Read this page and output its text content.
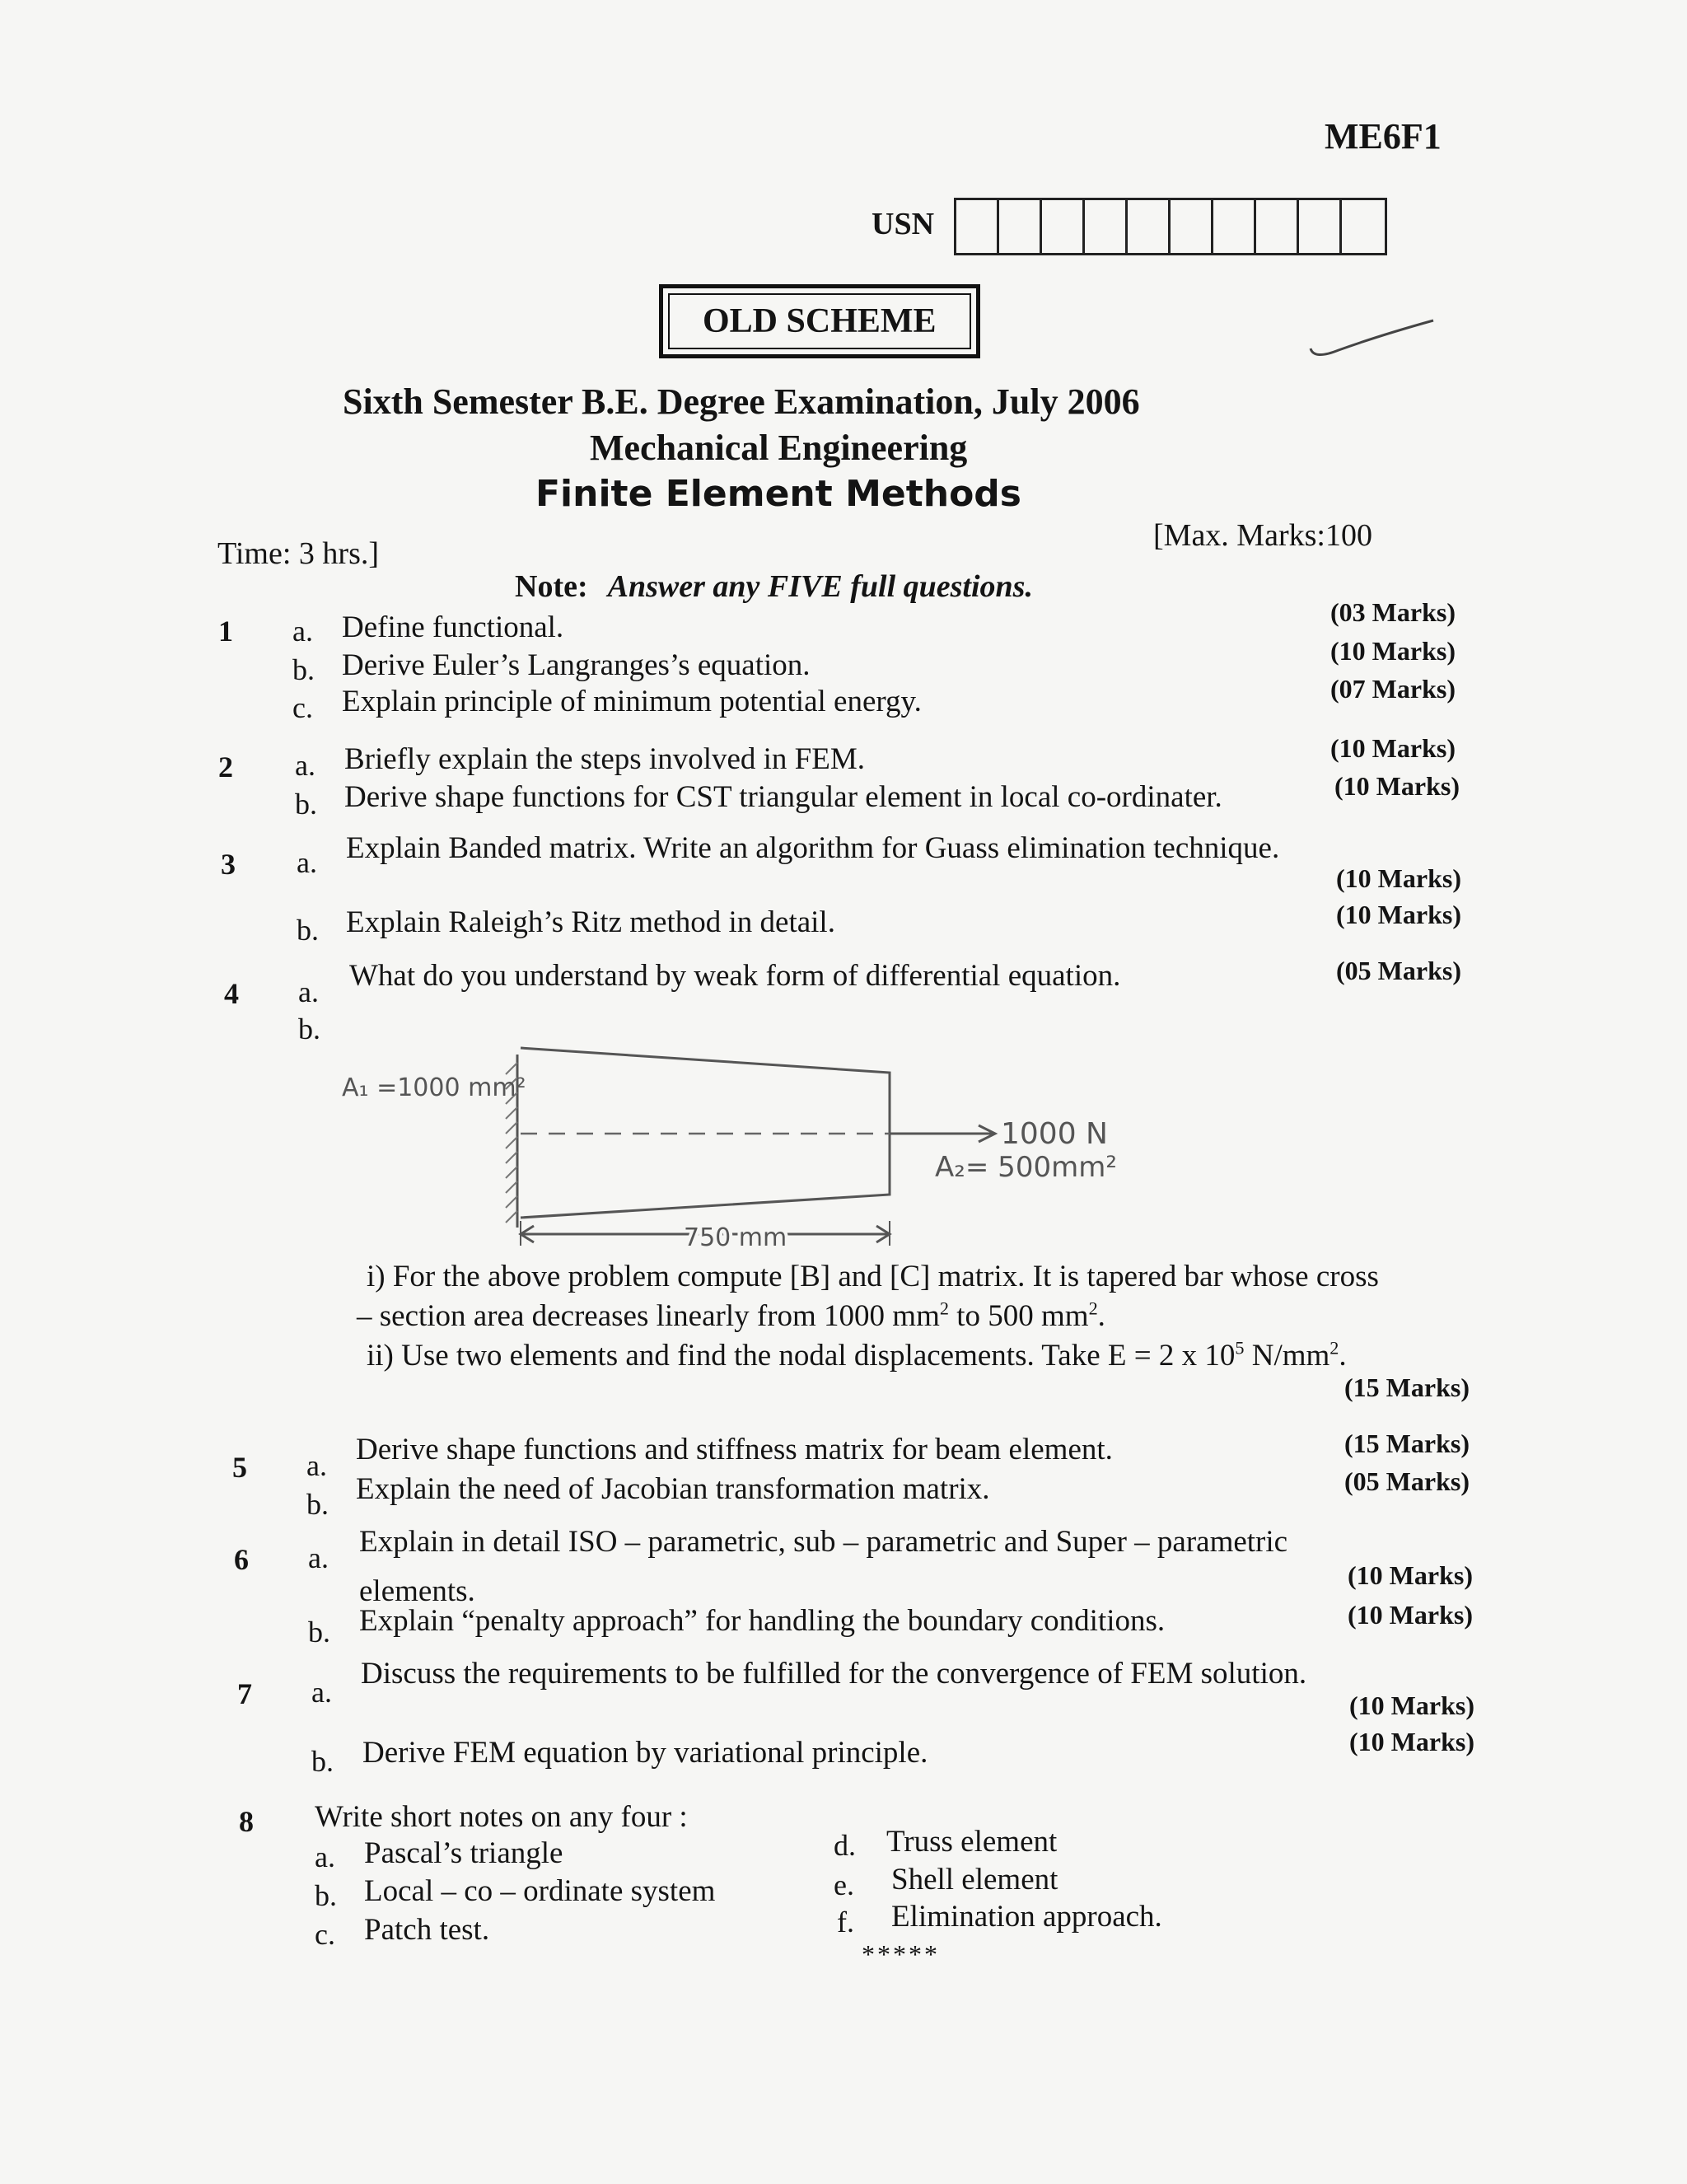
ME6F1
USN
OLD SCHEME
Sixth Semester B.E. Degree Examination, July 2006
Mechanical Engineering
Finite Element Methods
Time: 3 hrs.]
[Max. Marks:100
Note: Answer any FIVE full questions.
1 a. Define functional.	(03 Marks)
b. Derive Euler’s Langranges’s equation.	(10 Marks)
c. Explain principle of minimum potential energy.	(07 Marks)
2 a. Briefly explain the steps involved in FEM.	(10 Marks)
b. Derive shape functions for CST triangular element in local co-ordinater.	(10 Marks)
3 a. Explain Banded matrix. Write an algorithm for Guass elimination technique.
(10 Marks)
b. Explain Raleigh’s Ritz method in detail.	(10 Marks)
4 a. What do you understand by weak form of differential equation.	(05 Marks)
b.
A₁ =1000 mm²
1000 N
A₂= 500mm²
750 mm
i) For the above problem compute [B] and [C] matrix. It is tapered bar whose cross
– section area decreases linearly from 1000 $mm^2$ to 500 $mm^2$.
ii) Use two elements and find the nodal displacements. Take E = 2 x $10^5$ $N/mm^2$.
(15 Marks)
5 a. Derive shape functions and stiffness matrix for beam element.	(15 Marks)
b. Explain the need of Jacobian transformation matrix.	(05 Marks)
6 a. Explain in detail ISO – parametric, sub – parametric and Super – parametric
elements.	(10 Marks)
b. Explain “penalty approach” for handling the boundary conditions.	(10 Marks)
7 a.
Discuss the requirements to be fulfilled for the convergence of FEM solution.
(10 Marks)
b. Derive FEM equation by variational principle.	(10 Marks)
8 Write short notes on any four :
a. Pascal’s triangle
b. Local – co – ordinate system
c. Patch test.
d. Truss element
e. Shell element
f. Elimination approach.
*****
